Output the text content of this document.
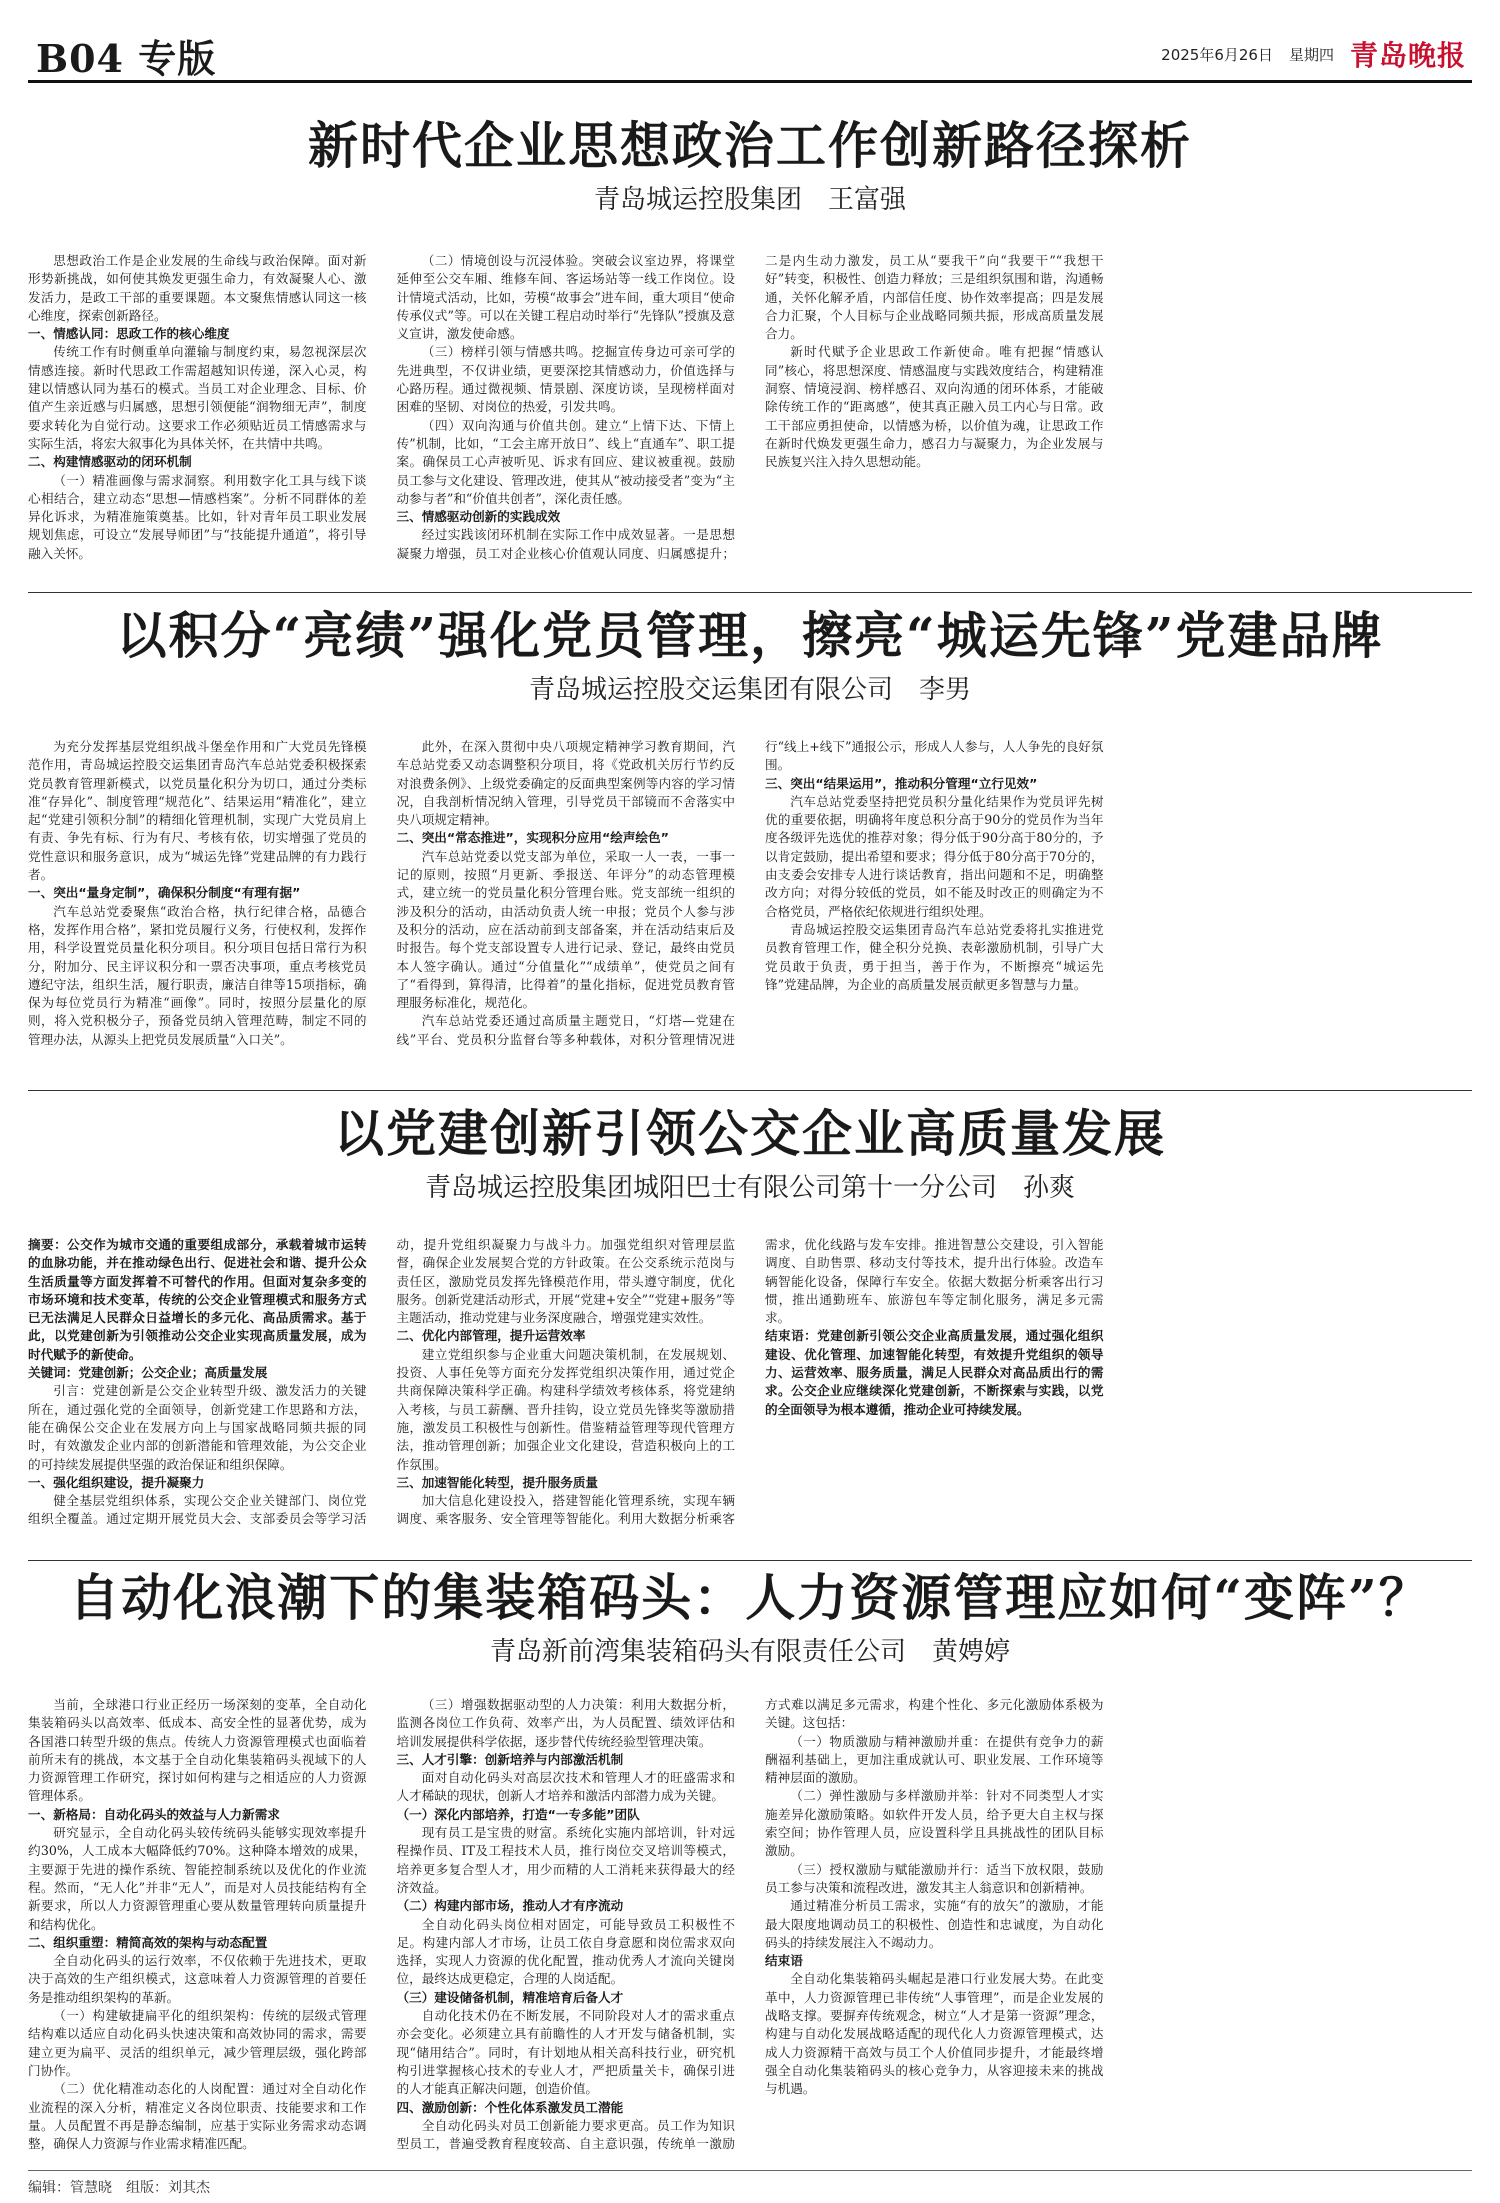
B04 专版	2025年6月26日 星期四 青岛晚报
新时代企业思想政治工作创新路径探析
青岛城运控股集团　王富强

思想政治工作是企业发展的生命线与政治保障。面对新形势新挑战，如何使其焕发更强生命力，有效凝聚人心、激发活力，是政工干部的重要课题。本文聚焦情感认同这一核心维度，探索创新路径。

一、情感认同：思政工作的核心维度

传统工作有时侧重单向灌输与制度约束，易忽视深层次情感连接。新时代思政工作需超越知识传递，深入心灵，构建以情感认同为基石的模式。当员工对企业理念、目标、价值产生亲近感与归属感，思想引领便能“润物细无声”，制度要求转化为自觉行动。这要求工作必须贴近员工情感需求与实际生活，将宏大叙事化为具体关怀，在共情中共鸣。

二、构建情感驱动的闭环机制

（一）精准画像与需求洞察。利用数字化工具与线下谈心相结合，建立动态“思想—情感档案”。分析不同群体的差异化诉求，为精准施策奠基。比如，针对青年员工职业发展规划焦虑，可设立“发展导师团”与“技能提升通道”，将引导融入关怀。

（二）情境创设与沉浸体验。突破会议室边界，将课堂延伸至公交车厢、维修车间、客运场站等一线工作岗位。设计情境式活动，比如，劳模“故事会”进车间，重大项目“使命传承仪式”等。可以在关键工程启动时举行“先锋队”授旗及意义宣讲，激发使命感。

（三）榜样引领与情感共鸣。挖掘宣传身边可亲可学的先进典型，不仅讲业绩，更要深挖其情感动力，价值选择与心路历程。通过微视频、情景剧、深度访谈，呈现榜样面对困难的坚韧、对岗位的热爱，引发共鸣。

（四）双向沟通与价值共创。建立“上情下达、下情上传”机制，比如，“工会主席开放日”、线上“直通车”、职工提案。确保员工心声被听见、诉求有回应、建议被重视。鼓励员工参与文化建设、管理改进，使其从“被动接受者”变为“主动参与者”和“价值共创者”，深化责任感。

三、情感驱动创新的实践成效

经过实践该闭环机制在实际工作中成效显著。一是思想凝聚力增强，员工对企业核心价值观认同度、归属感提升；二是内生动力激发，员工从“要我干”向“我要干”“我想干好”转变，积极性、创造力释放；三是组织氛围和谐，沟通畅通，关怀化解矛盾，内部信任度、协作效率提高；四是发展合力汇聚，个人目标与企业战略同频共振，形成高质量发展合力。

新时代赋予企业思政工作新使命。唯有把握“情感认同”核心，将思想深度、情感温度与实践效度结合，构建精准洞察、情境浸润、榜样感召、双向沟通的闭环体系，才能破除传统工作的“距离感”，使其真正融入员工内心与日常。政工干部应勇担使命，以情感为桥，以价值为魂，让思政工作在新时代焕发更强生命力，感召力与凝聚力，为企业发展与民族复兴注入持久思想动能。

以积分“亮绩”强化党员管理，擦亮“城运先锋”党建品牌
青岛城运控股交运集团有限公司　李男

为充分发挥基层党组织战斗堡垒作用和广大党员先锋模范作用，青岛城运控股交运集团青岛汽车总站党委积极探索党员教育管理新模式，以党员量化积分为切口，通过分类标准“存异化”、制度管理“规范化”、结果运用“精准化”，建立起“党建引领积分制”的精细化管理机制，实现广大党员肩上有责、争先有标、行为有尺、考核有依，切实增强了党员的党性意识和服务意识，成为“城运先锋”党建品牌的有力践行者。

一、突出“量身定制”，确保积分制度“有理有据”

汽车总站党委聚焦“政治合格，执行纪律合格，品德合格，发挥作用合格”，紧扣党员履行义务，行使权利，发挥作用，科学设置党员量化积分项目。积分项目包括日常行为积分，附加分、民主评议积分和一票否决事项，重点考核党员遵纪守法，组织生活，履行职责，廉洁自律等15项指标，确保为每位党员行为精准“画像”。同时，按照分层量化的原则，将入党积极分子，预备党员纳入管理范畴，制定不同的管理办法，从源头上把党员发展质量“入口关”。

此外，在深入贯彻中央八项规定精神学习教育期间，汽车总站党委又动态调整积分项目，将《党政机关厉行节约反对浪费条例》、上级党委确定的反面典型案例等内容的学习情况，自我剖析情况纳入管理，引导党员干部镜而不舍落实中央八项规定精神。

二、突出“常态推进”，实现积分应用“绘声绘色”

汽车总站党委以党支部为单位，采取一人一表，一事一记的原则，按照“月更新、季报送、年评分”的动态管理模式，建立统一的党员量化积分管理台账。党支部统一组织的涉及积分的活动，由活动负责人统一申报；党员个人参与涉及积分的活动，应在活动前到支部备案，并在活动结束后及时报告。每个党支部设置专人进行记录、登记，最终由党员本人签字确认。通过“分值量化”“成绩单”，使党员之间有了“看得到，算得清，比得着”的量化指标，促进党员教育管理服务标准化，规范化。

汽车总站党委还通过高质量主题党日，“灯塔—党建在线”平台、党员积分监督台等多种载体，对积分管理情况进行“线上+线下”通报公示，形成人人参与，人人争先的良好氛围。

三、突出“结果运用”，推动积分管理“立行见效”

汽车总站党委坚持把党员积分量化结果作为党员评先树优的重要依据，明确将年度总积分高于90分的党员作为当年度各级评先选优的推荐对象；得分低于90分高于80分的，予以肯定鼓励，提出希望和要求；得分低于80分高于70分的，由支委会安排专人进行谈话教育，指出问题和不足，明确整改方向；对得分较低的党员，如不能及时改正的则确定为不合格党员，严格依纪依规进行组织处理。

青岛城运控股交运集团青岛汽车总站党委将扎实推进党员教育管理工作，健全积分兑换、表彰激励机制，引导广大党员敢于负责，勇于担当，善于作为，不断擦亮“城运先锋”党建品牌，为企业的高质量发展贡献更多智慧与力量。

以党建创新引领公交企业高质量发展
青岛城运控股集团城阳巴士有限公司第十一分公司　孙爽

摘要：公交作为城市交通的重要组成部分，承载着城市运转的血脉功能，并在推动绿色出行、促进社会和谐、提升公众生活质量等方面发挥着不可替代的作用。但面对复杂多变的市场环境和技术变革，传统的公交企业管理模式和服务方式已无法满足人民群众日益增长的多元化、高品质需求。基于此，以党建创新为引领推动公交企业实现高质量发展，成为时代赋予的新使命。

关键词：党建创新；公交企业；高质量发展

引言：党建创新是公交企业转型升级、激发活力的关键所在，通过强化党的全面领导，创新党建工作思路和方法，能在确保公交企业在发展方向上与国家战略同频共振的同时，有效激发企业内部的创新潜能和管理效能，为公交企业的可持续发展提供坚强的政治保证和组织保障。

一、强化组织建设，提升凝聚力

健全基层党组织体系，实现公交企业关键部门、岗位党组织全覆盖。通过定期开展党员大会、支部委员会等学习活动，提升党组织凝聚力与战斗力。加强党组织对管理层监督，确保企业发展契合党的方针政策。在公交系统示范岗与责任区，激励党员发挥先锋模范作用，带头遵守制度，优化服务。创新党建活动形式，开展“党建+安全”“党建+服务”等主题活动，推动党建与业务深度融合，增强党建实效性。

二、优化内部管理，提升运营效率

建立党组织参与企业重大问题决策机制，在发展规划、投资、人事任免等方面充分发挥党组织决策作用，通过党企共商保障决策科学正确。构建科学绩效考核体系，将党建纳入考核，与员工薪酬、晋升挂钩，设立党员先锋奖等激励措施，激发员工积极性与创新性。借鉴精益管理等现代管理方法，推动管理创新；加强企业文化建设，营造积极向上的工作氛围。

三、加速智能化转型，提升服务质量

加大信息化建设投入，搭建智能化管理系统，实现车辆调度、乘客服务、安全管理等智能化。利用大数据分析乘客需求，优化线路与发车安排。推进智慧公交建设，引入智能调度、自助售票、移动支付等技术，提升出行体验。改造车辆智能化设备，保障行车安全。依据大数据分析乘客出行习惯，推出通勤班车、旅游包车等定制化服务，满足多元需求。

结束语：党建创新引领公交企业高质量发展，通过强化组织建设、优化管理、加速智能化转型，有效提升党组织的领导力、运营效率、服务质量，满足人民群众对高品质出行的需求。公交企业应继续深化党建创新，不断探索与实践，以党的全面领导为根本遵循，推动企业可持续发展。

自动化浪潮下的集装箱码头：人力资源管理应如何“变阵”？
青岛新前湾集装箱码头有限责任公司　黄娉婷

当前，全球港口行业正经历一场深刻的变革，全自动化集装箱码头以高效率、低成本、高安全性的显著优势，成为各国港口转型升级的焦点。传统人力资源管理模式也面临着前所未有的挑战，本文基于全自动化集装箱码头视域下的人力资源管理工作研究，探讨如何构建与之相适应的人力资源管理体系。

一、新格局：自动化码头的效益与人力新需求

研究显示，全自动化码头较传统码头能够实现效率提升约30%，人工成本大幅降低约70%。这种降本增效的成果，主要源于先进的操作系统、智能控制系统以及优化的作业流程。然而，“无人化”并非“无人”，而是对人员技能结构有全新要求，所以人力资源管理重心要从数量管理转向质量提升和结构优化。

二、组织重塑：精简高效的架构与动态配置

全自动化码头的运行效率，不仅依赖于先进技术，更取决于高效的生产组织模式，这意味着人力资源管理的首要任务是推动组织架构的革新。

（一）构建敏捷扁平化的组织架构：传统的层级式管理结构难以适应自动化码头快速决策和高效协同的需求，需要建立更为扁平、灵活的组织单元，减少管理层级，强化跨部门协作。

（二）优化精准动态化的人岗配置：通过对全自动化作业流程的深入分析，精准定义各岗位职责、技能要求和工作量。人员配置不再是静态编制，应基于实际业务需求动态调整，确保人力资源与作业需求精准匹配。

（三）增强数据驱动型的人力决策：利用大数据分析，监测各岗位工作负荷、效率产出，为人员配置、绩效评估和培训发展提供科学依据，逐步替代传统经验型管理决策。

三、人才引擎：创新培养与内部激活机制

面对自动化码头对高层次技术和管理人才的旺盛需求和人才稀缺的现状，创新人才培养和激活内部潜力成为关键。

（一）深化内部培养，打造“一专多能”团队

现有员工是宝贵的财富。系统化实施内部培训，针对远程操作员、IT及工程技术人员，推行岗位交叉培训等模式，培养更多复合型人才，用少而精的人工消耗来获得最大的经济效益。

（二）构建内部市场，推动人才有序流动

全自动化码头岗位相对固定，可能导致员工积极性不足。构建内部人才市场，让员工依自身意愿和岗位需求双向选择，实现人力资源的优化配置，推动优秀人才流向关键岗位，最终达成更稳定，合理的人岗适配。

（三）建设储备机制，精准培育后备人才

自动化技术仍在不断发展，不同阶段对人才的需求重点亦会变化。必须建立具有前瞻性的人才开发与储备机制，实现“储用结合”。同时，有计划地从相关高科技行业，研究机构引进掌握核心技术的专业人才，严把质量关卡，确保引进的人才能真正解决问题，创造价值。

四、激励创新：个性化体系激发员工潜能

全自动化码头对员工创新能力要求更高。员工作为知识型员工，普遍受教育程度较高、自主意识强，传统单一激励方式难以满足多元需求，构建个性化、多元化激励体系极为关键。这包括：

（一）物质激励与精神激励并重：在提供有竞争力的薪酬福利基础上，更加注重成就认可、职业发展、工作环境等精神层面的激励。

（二）弹性激励与多样激励并举：针对不同类型人才实施差异化激励策略。如软件开发人员，给予更大自主权与探索空间；协作管理人员，应设置科学且具挑战性的团队目标激励。

（三）授权激励与赋能激励并行：适当下放权限，鼓励员工参与决策和流程改进，激发其主人翁意识和创新精神。

通过精准分析员工需求，实施“有的放矢”的激励，才能最大限度地调动员工的积极性、创造性和忠诚度，为自动化码头的持续发展注入不竭动力。

结束语

全自动化集装箱码头崛起是港口行业发展大势。在此变革中，人力资源管理已非传统“人事管理”，而是企业发展的战略支撑。要摒弃传统观念，树立“人才是第一资源”理念，构建与自动化发展战略适配的现代化人力资源管理模式，达成人力资源精干高效与员工个人价值同步提升，才能最终增强全自动化集装箱码头的核心竞争力，从容迎接未来的挑战与机遇。

编辑：管慧晓　组版：刘其杰
